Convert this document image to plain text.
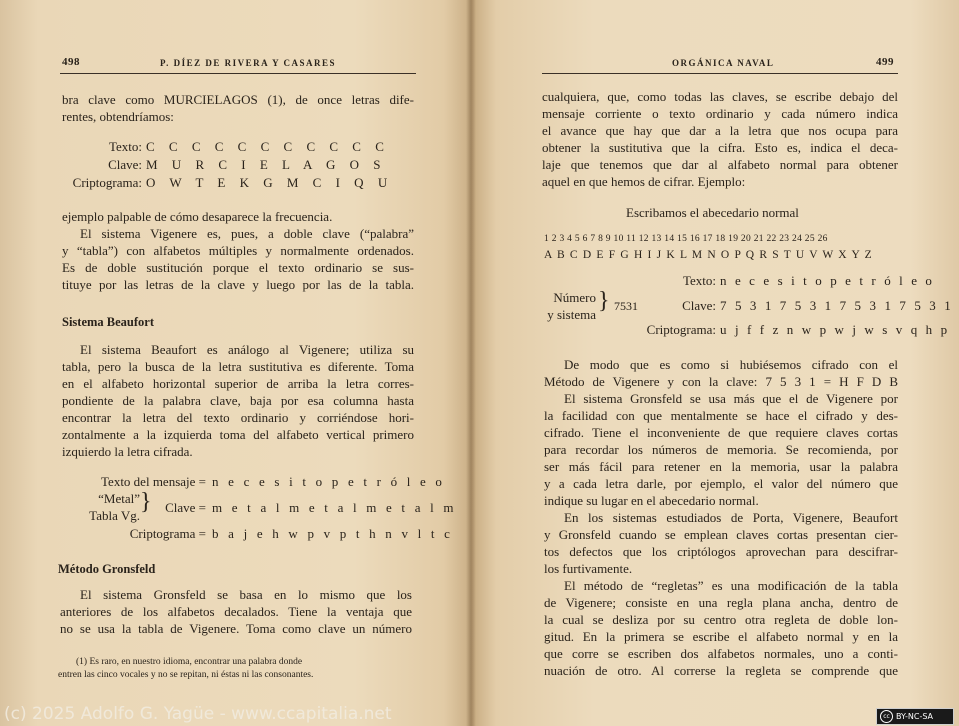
498	P. DÍEZ DE RIVERA Y CASARES
bra clave como MURCIELAGOS (1), de once letras dife-
rentes, obtendríamos:
Texto: C C C C C C C C C C C
Clave: M U R C I E L A G O S
Criptograma: O W T E K G M C I Q U
ejemplo palpable de cómo desaparece la frecuencia.
El sistema Vigenere es, pues, a doble clave (“palabra”
y “tabla”) con alfabetos múltiples y normalmente ordenados.
Es de doble sustitución porque el texto ordinario se sus-
tituye por las letras de la clave y luego por las de la tabla.
Sistema Beaufort
El sistema Beaufort es análogo al Vigenere; utiliza su
tabla, pero la busca de la letra sustitutiva es diferente. Toma
en el alfabeto horizontal superior de arriba la letra corres-
pondiente de la palabra clave, baja por esa columna hasta
encontrar la letra del texto ordinario y corriéndose hori-
zontalmente a la izquierda toma del alfabeto vertical primero
izquierdo la letra cifrada.
Texto del mensaje = n e c e s i t o p e t r ó l e o
“Metal”
Tabla Vg.
}	Clave = m e t a l m e t a l m e t a l m
Criptograma = b a j e h w p v p t h n v l t c
Método Gronsfeld
El sistema Gronsfeld se basa en lo mismo que los
anteriores de los alfabetos decalados. Tiene la ventaja que
no se usa la tabla de Vigenere. Toma como clave un número
(1) Es raro, en nuestro idioma, encontrar una palabra donde
entren las cinco vocales y no se repitan, ni éstas ni las consonantes.
ORGÁNICA NAVAL	499
cualquiera, que, como todas las claves, se escribe debajo del
mensaje corriente o texto ordinario y cada número indica
el avance que hay que dar a la letra que nos ocupa para
obtener la sustitutiva que la cifra. Esto es, indica el deca-
laje que tenemos que dar al alfabeto normal para obtener
aquel en que hemos de cifrar. Ejemplo:
Escribamos el abecedario normal
1 2 3 4 5 6 7 8 9 10 11 12 13 14 15 16 17 18 19 20 21 22 23 24 25 26
A B C D E F G H I J K L M N O P Q R S T U V W X Y Z
Texto: n e c e s i t o p e t r ó l e o
Número
y sistema
} 7531	Clave: 7 5 3 1 7 5 3 1 7 5 3 1 7 5 3 1
Criptograma: u j f f z n w p w j w s v q h p
De modo que es como si hubiésemos cifrado con el
Método de Vigenere y con la clave: 7 5 3 1 = H F D B
El sistema Gronsfeld se usa más que el de Vigenere por
la facilidad con que mentalmente se hace el cifrado y des-
cifrado. Tiene el inconveniente de que requiere claves cortas
para recordar los números de memoria. Se recomienda, por
ser más fácil para retener en la memoria, usar la palabra
y a cada letra darle, por ejemplo, el valor del número que
indique su lugar en el abecedario normal.
En los sistemas estudiados de Porta, Vigenere, Beaufort
y Gronsfeld cuando se emplean claves cortas presentan cier-
tos defectos que los criptólogos aprovechan para descifrar-
los furtivamente.
El método de “regletas” es una modificación de la tabla
de Vigenere; consiste en una regla plana ancha, dentro de
la cual se desliza por su centro otra regleta de doble lon-
gitud. En la primera se escribe el alfabeto normal y en la
que corre se escriben dos alfabetos normales, uno a conti-
nuación de otro. Al correrse la regleta se comprende que
(c) 2025 Adolfo G. Yagüe - www.ccapitalia.net	cc BY-NC-SA
